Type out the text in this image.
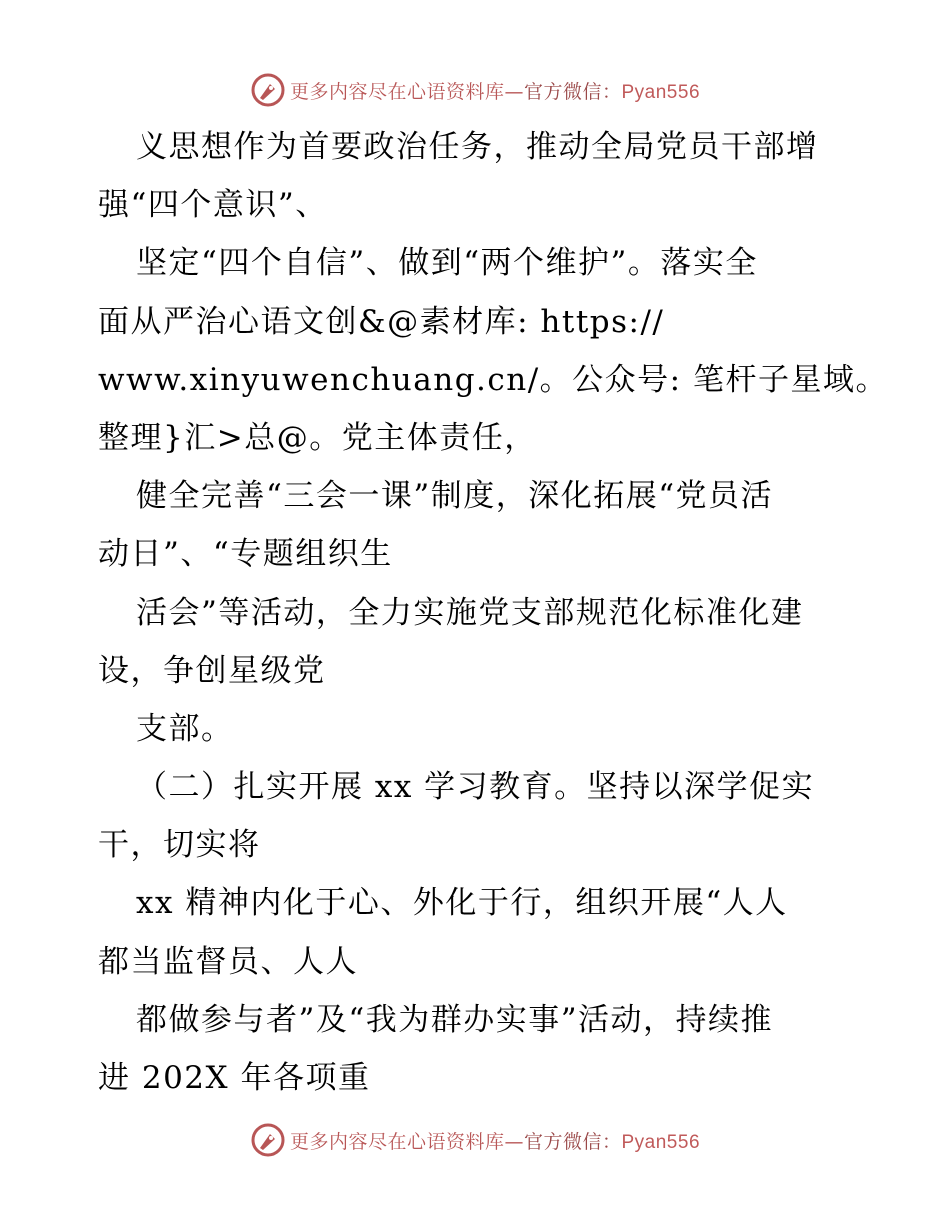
更多内容尽在心语资料库—官方微信：Pyan556
义思想作为首要政治任务，推动全局党员干部增
强“四个意识”、
坚定“四个自信”、做到“两个维护”。落实全
面从严治心语文创&@素材库: https://
www.xinyuwenchuang.cn/。公众号: 笔杆子星域。
整理}汇>总@。党主体责任，
健全完善“三会一课”制度，深化拓展“党员活
动日”、“专题组织生
活会”等活动，全力实施党支部规范化标准化建
设，争创星级党
支部。
（二）扎实开展 xx 学习教育。坚持以深学促实
干，切实将
xx 精神内化于心、外化于行，组织开展“人人
都当监督员、人人
都做参与者”及“我为群办实事”活动，持续推
进 202X 年各项重
更多内容尽在心语资料库—官方微信：Pyan556
